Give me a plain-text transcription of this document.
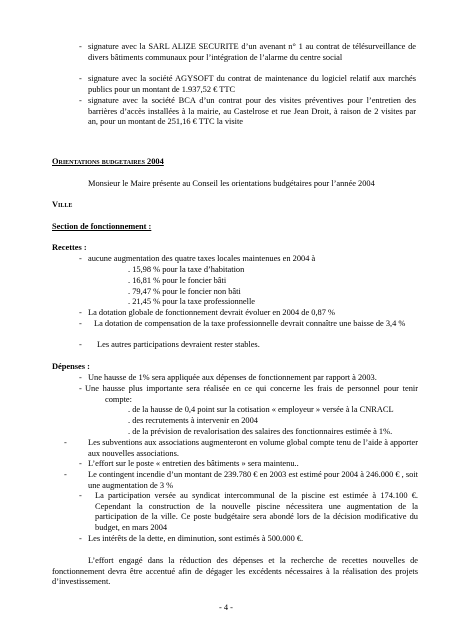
- signature avec la SARL ALIZE SECURITE d’un avenant n° 1 au contrat de télésurveillance de divers bâtiments communaux pour l’intégration de l’alarme du centre social
- signature avec la société AGYSOFT du contrat de maintenance du logiciel relatif aux marchés publics pour un montant de 1.937,52 € TTC
- signature avec la société BCA d’un contrat pour des visites préventives pour l’entretien des barrières d’accès installées à la mairie, au Castelrose et rue Jean Droit, à raison de 2 visites par an, pour un montant de 251,16 € TTC la visite
Orientations budgetaires 2004
Monsieur le Maire présente au Conseil les orientations budgétaires pour l’année 2004
Ville
Section de fonctionnement :
Recettes :
- aucune augmentation des quatre taxes locales maintenues en 2004 à
. 15,98 % pour la taxe d’habitation
. 16,81 % pour le foncier bâti
. 79,47 % pour le foncier non bâti
. 21,45 % pour la taxe professionnelle
- La dotation globale de fonctionnement devrait évoluer en 2004 de 0,87 %
- La dotation de compensation de la taxe professionnelle devrait connaître une baisse de 3,4 %
- Les autres participations devraient rester stables.
Dépenses :
- Une hausse de 1% sera appliquée aux dépenses de fonctionnement par rapport à 2003.
- Une hausse plus importante sera réalisée en ce qui concerne les frais de personnel pour tenir compte:
. de la hausse de 0,4 point sur la cotisation « employeur » versée à la CNRACL
. des recrutements à intervenir en 2004
. de la prévision de revalorisation des salaires des fonctionnaires estimée à 1%.
-	Les subventions aux associations augmenteront en volume global compte tenu de l’aide à apporter aux nouvelles associations.
- L’effort sur le poste « entretien des bâtiments » sera maintenu..
-	Le contingent incendie d’un montant de 239.780 € en 2003 est estimé pour 2004 à 246.000 € , soit une augmentation de 3 %
- La participation versée au syndicat intercommunal de la piscine est estimée à 174.100 €. Cependant la construction de la nouvelle piscine nécessitera une augmentation de la participation de la ville. Ce poste budgétaire sera abondé lors de la décision modificative du budget, en mars 2004
- Les intérêts de la dette, en diminution, sont estimés à 500.000 €.
L’effort engagé dans la réduction des dépenses et la recherche de recettes nouvelles de fonctionnement devra être accentué afin de dégager les excédents nécessaires à la réalisation des projets d’investissement.
- 4 -
